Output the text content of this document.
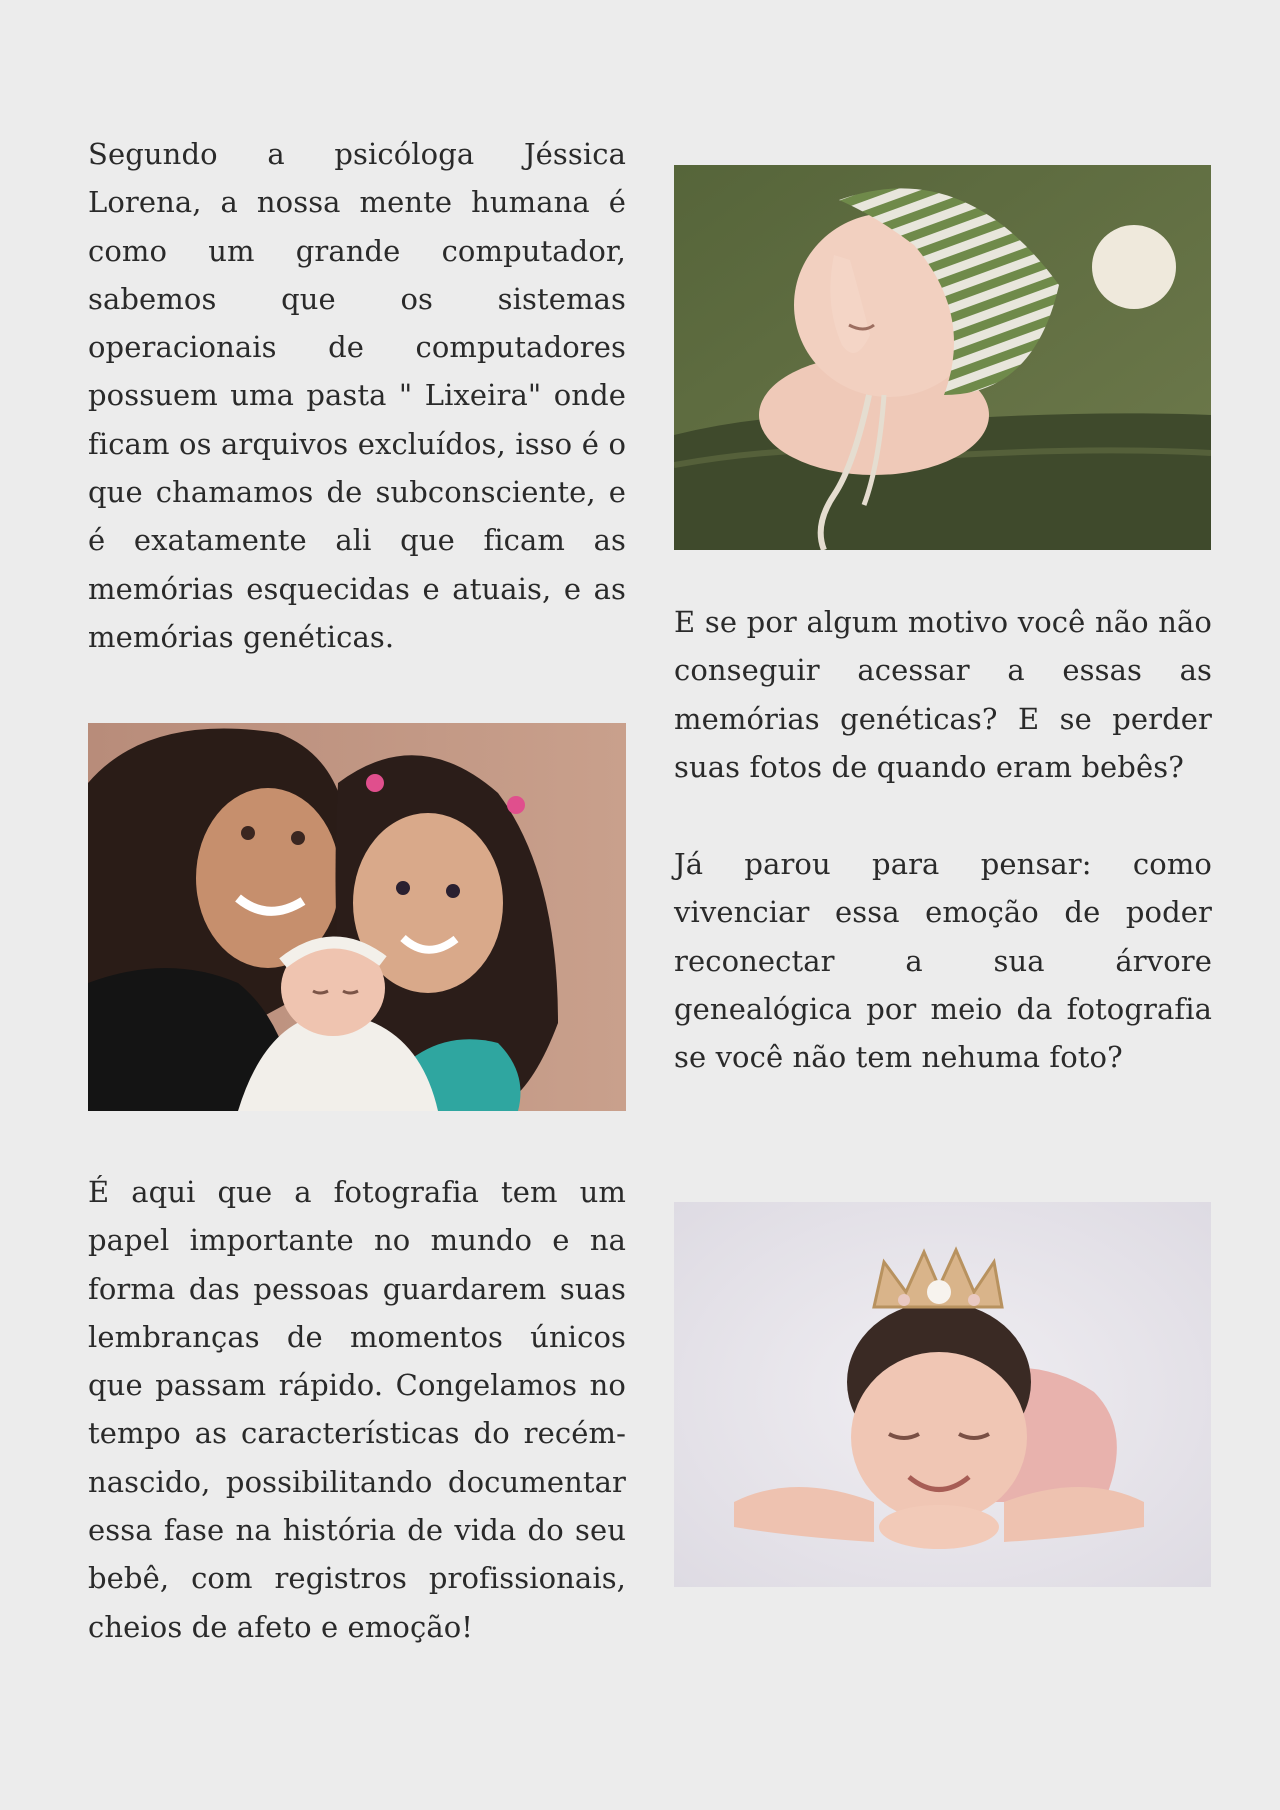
Segundo a psicóloga Jéssica Lorena, a nossa mente humana é como um grande computador, sabemos que os sistemas operacionais de computadores possuem uma pasta " Lixeira" onde ficam os arquivos excluídos, isso é o que chamamos de subconsciente, e é exatamente ali que ficam as memórias esquecidas e atuais, e as memórias genéticas.	E se por algum motivo você não não conseguir acessar a essas as memórias genéticas? E se perder suas fotos de quando eram bebês?

Já parou para pensar: como vivenciar essa emoção de poder reconectar a sua árvore genealógica por meio da fotografia se você não tem nehuma foto?

É aqui que a fotografia tem um papel importante no mundo e na forma das pessoas guardarem suas lembranças de momentos únicos que passam rápido. Congelamos no tempo as características do recém-nascido, possibilitando documentar essa fase na história de vida do seu bebê, com registros profissionais, cheios de afeto e emoção!
